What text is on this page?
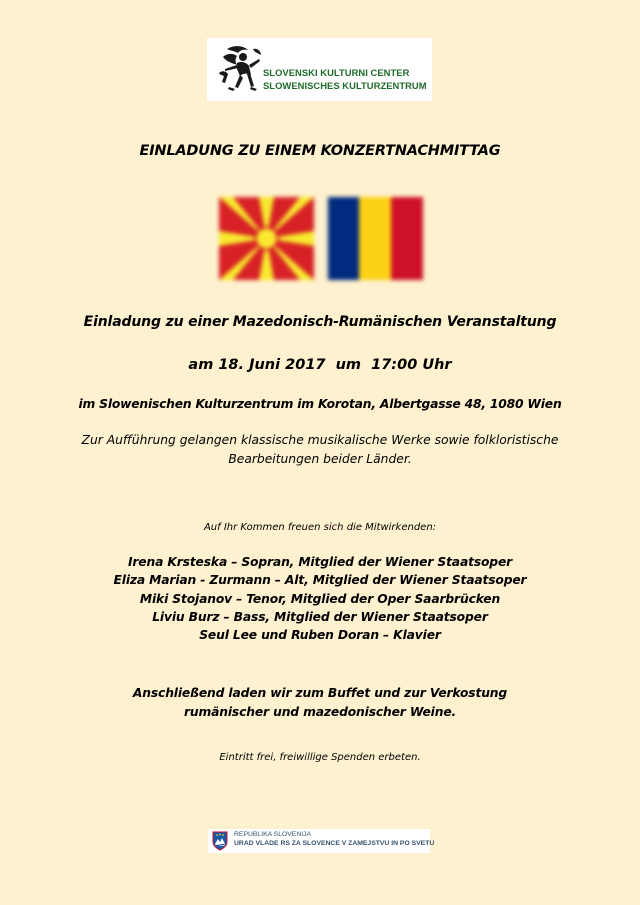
SLOVENSKI KULTURNI CENTER
SLOWENISCHES KULTURZENTRUM
EINLADUNG ZU EINEM KONZERTNACHMITTAG
Einladung zu einer Mazedonisch-Rumänischen Veranstaltung
am 18. Juni 2017  um  17:00 Uhr
im Slowenischen Kulturzentrum im Korotan, Albertgasse 48, 1080 Wien
Zur Aufführung gelangen klassische musikalische Werke sowie folkloristische
Bearbeitungen beider Länder.
Auf Ihr Kommen freuen sich die Mitwirkenden:
Irena Krsteska – Sopran, Mitglied der Wiener Staatsoper
Eliza Marian - Zurmann – Alt, Mitglied der Wiener Staatsoper
Miki Stojanov – Tenor, Mitglied der Oper Saarbrücken
Liviu Burz – Bass, Mitglied der Wiener Staatsoper
Seul Lee und Ruben Doran – Klavier
Anschließend laden wir zum Buffet und zur Verkostung
rumänischer und mazedonischer Weine.
Eintritt frei, freiwillige Spenden erbeten.
REPUBLIKA SLOVENIJA
URAD VLADE RS ZA SLOVENCE V ZAMEJSTVU IN PO SVETU
